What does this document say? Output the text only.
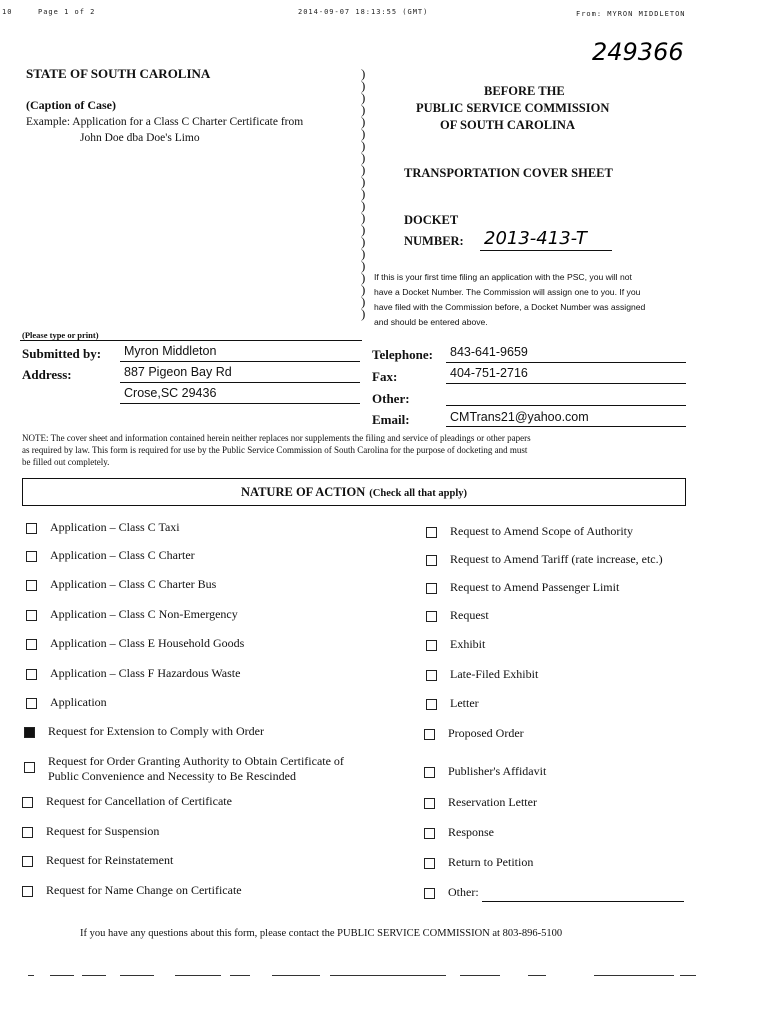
10	Page 1 of 2	2014-09-07 18:13:55 (GMT)	From: MYRON MIDDLETON
249366
STATE OF SOUTH CAROLINA
(Caption of Case)
Example: Application for a Class C Charter Certificate from
John Doe dba Doe's Limo
)
)
)
)
)
)
)
)
)
)
)
)
)
)
)
)
)
)
)
)
)
BEFORE THE
PUBLIC SERVICE COMMISSION
OF SOUTH CAROLINA
TRANSPORTATION COVER SHEET
DOCKET
NUMBER: 2013-413-T
If this is your first time filing an application with the PSC, you will not
have a Docket Number. The Commission will assign one to you. If you
have filed with the Commission before, a Docket Number was assigned
and should be entered above.
(Please type or print)
Submitted by: Myron Middleton
Address:	887 Pigeon Bay Rd
Crose,SC 29436
Telephone: 843-641-9659
Fax:	404-751-2716
Other:
Email:	CMTrans21@yahoo.com
NOTE: The cover sheet and information contained herein neither replaces nor supplements the filing and service of pleadings or other papers
as required by law. This form is required for use by the Public Service Commission of South Carolina for the purpose of docketing and must
be filled out completely.
NATURE OF ACTION (Check all that apply)
Application – Class C Taxi
Application – Class C Charter
Application – Class C Charter Bus
Application – Class C Non-Emergency
Application – Class E Household Goods
Application – Class F Hazardous Waste
Application
Request for Extension to Comply with Order
Request for Order Granting Authority to Obtain Certificate of
Public Convenience and Necessity to Be Rescinded
Request for Cancellation of Certificate
Request for Suspension
Request for Reinstatement
Request for Name Change on Certificate
Request to Amend Scope of Authority
Request to Amend Tariff (rate increase, etc.)
Request to Amend Passenger Limit
Request
Exhibit
Late-Filed Exhibit
Letter
Proposed Order
Publisher's Affidavit
Reservation Letter
Response
Return to Petition
Other:
If you have any questions about this form, please contact the PUBLIC SERVICE COMMISSION at 803-896-5100
